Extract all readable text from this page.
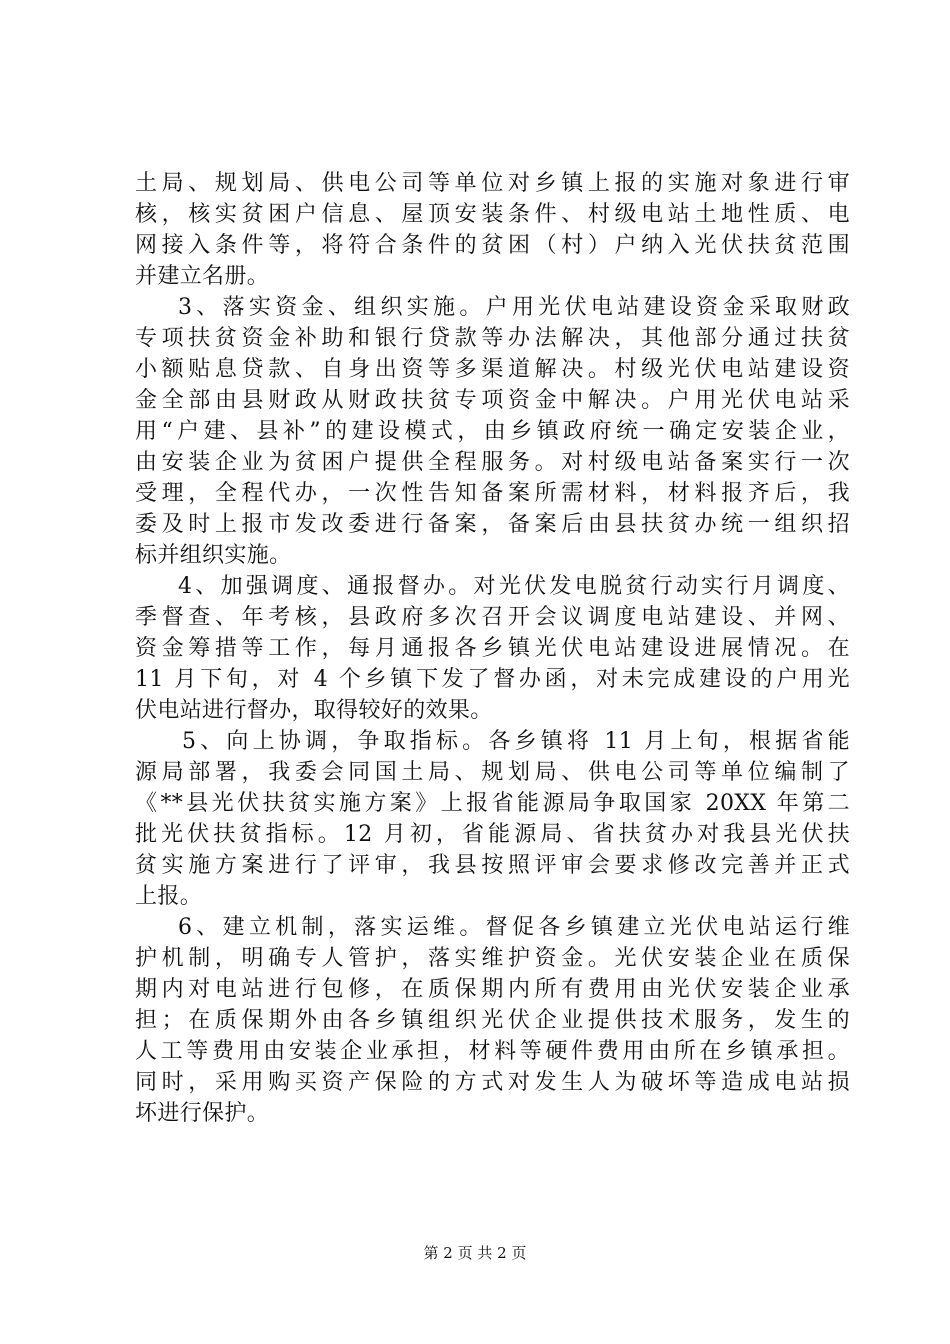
土局、规划局、供电公司等单位对乡镇上报的实施对象进行审
核，核实贫困户信息、屋顶安装条件、村级电站土地性质、电
网接入条件等，将符合条件的贫困（村）户纳入光伏扶贫范围
并建立名册。
3、落实资金、组织实施。户用光伏电站建设资金采取财政
专项扶贫资金补助和银行贷款等办法解决，其他部分通过扶贫
小额贴息贷款、自身出资等多渠道解决。村级光伏电站建设资
金全部由县财政从财政扶贫专项资金中解决。户用光伏电站采
用“户建、县补”的建设模式，由乡镇政府统一确定安装企业，
由安装企业为贫困户提供全程服务。对村级电站备案实行一次
受理，全程代办，一次性告知备案所需材料，材料报齐后，我
委及时上报市发改委进行备案，备案后由县扶贫办统一组织招
标并组织实施。
4、加强调度、通报督办。对光伏发电脱贫行动实行月调度、
季督查、年考核，县政府多次召开会议调度电站建设、并网、
资金筹措等工作，每月通报各乡镇光伏电站建设进展情况。在
11 月下旬，对 4 个乡镇下发了督办函，对未完成建设的户用光
伏电站进行督办，取得较好的效果。
5、向上协调，争取指标。各乡镇将 11 月上旬，根据省能
源局部署，我委会同国土局、规划局、供电公司等单位编制了
《**县光伏扶贫实施方案》上报省能源局争取国家 20XX 年第二
批光伏扶贫指标。12 月初，省能源局、省扶贫办对我县光伏扶
贫实施方案进行了评审，我县按照评审会要求修改完善并正式
上报。
6、建立机制，落实运维。督促各乡镇建立光伏电站运行维
护机制，明确专人管护，落实维护资金。光伏安装企业在质保
期内对电站进行包修，在质保期内所有费用由光伏安装企业承
担；在质保期外由各乡镇组织光伏企业提供技术服务，发生的
人工等费用由安装企业承担，材料等硬件费用由所在乡镇承担。
同时，采用购买资产保险的方式对发生人为破坏等造成电站损
坏进行保护。
第 2 页 共 2 页
